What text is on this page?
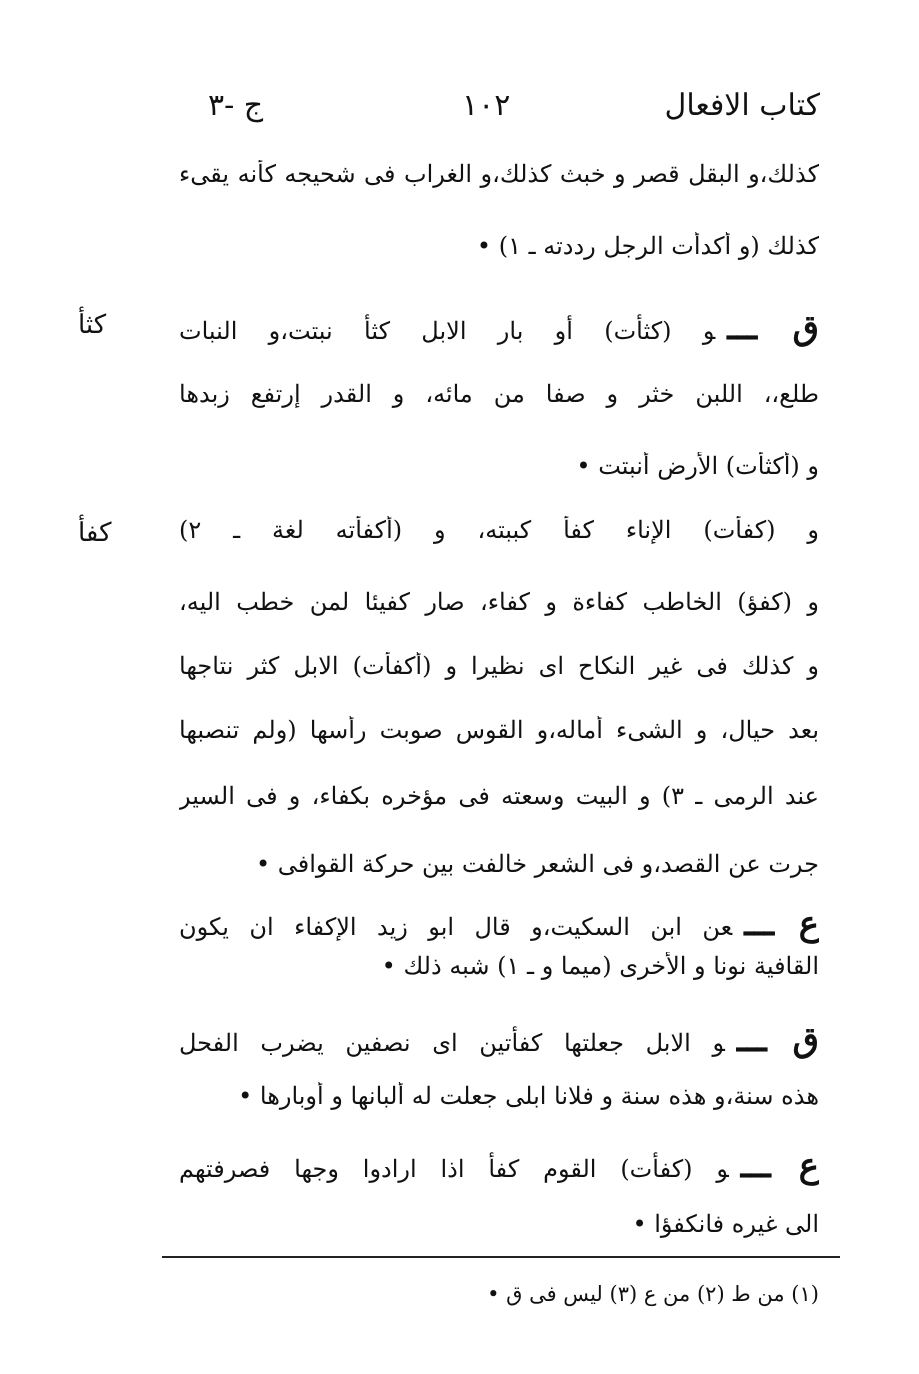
كتاب الافعال
١٠٢
ج -٣
كذلك،و البقل قصر و خبث كذلك،و الغراب فى شحيجه كأنه يقىء
كذلك (و أكدأت الرجل رددته ـ ١) •
كثأ	ق ـــو (كثأت) أو بار الابل كثأ نبتت،و النبات
طلع،، اللبن خثر و صفا من مائه، و القدر إرتفع زبدها
و (أكثأت) الأرض أنبتت •
كفأ	و (كفأت) الإناء كفأ كببته، و (أكفأته لغة ـ ٢)
و (كفؤ) الخاطب كفاءة و كفاء، صار كفيئا لمن خطب اليه،
و كذلك فى غير النكاح اى نظيرا و (أكفأت) الابل كثر نتاجها
بعد حيال، و الشىء أماله،و القوس صوبت رأسها (ولم تنصبها
عند الرمى ـ ٣) و البيت وسعته فى مؤخره بكفاء، و فى السير
جرت عن القصد،و فى الشعر خالفت بين حركة القوافى •
ع ـــعن ابن السكيت،و قال ابو زيد الإكفاء ان يكون
القافية نونا و الأخرى (ميما و ـ ١) شبه ذلك •
ق ـــو الابل جعلتها كفأتين اى نصفين يضرب الفحل
هذه سنة،و هذه سنة و فلانا ابلى جعلت له ألبانها و أوبارها •
ع ـــو (كفأت) القوم كفأ اذا ارادوا وجها فصرفتهم
الى غيره فانكفؤا •
(١) من ط (٢) من ع (٣) ليس فى ق •
